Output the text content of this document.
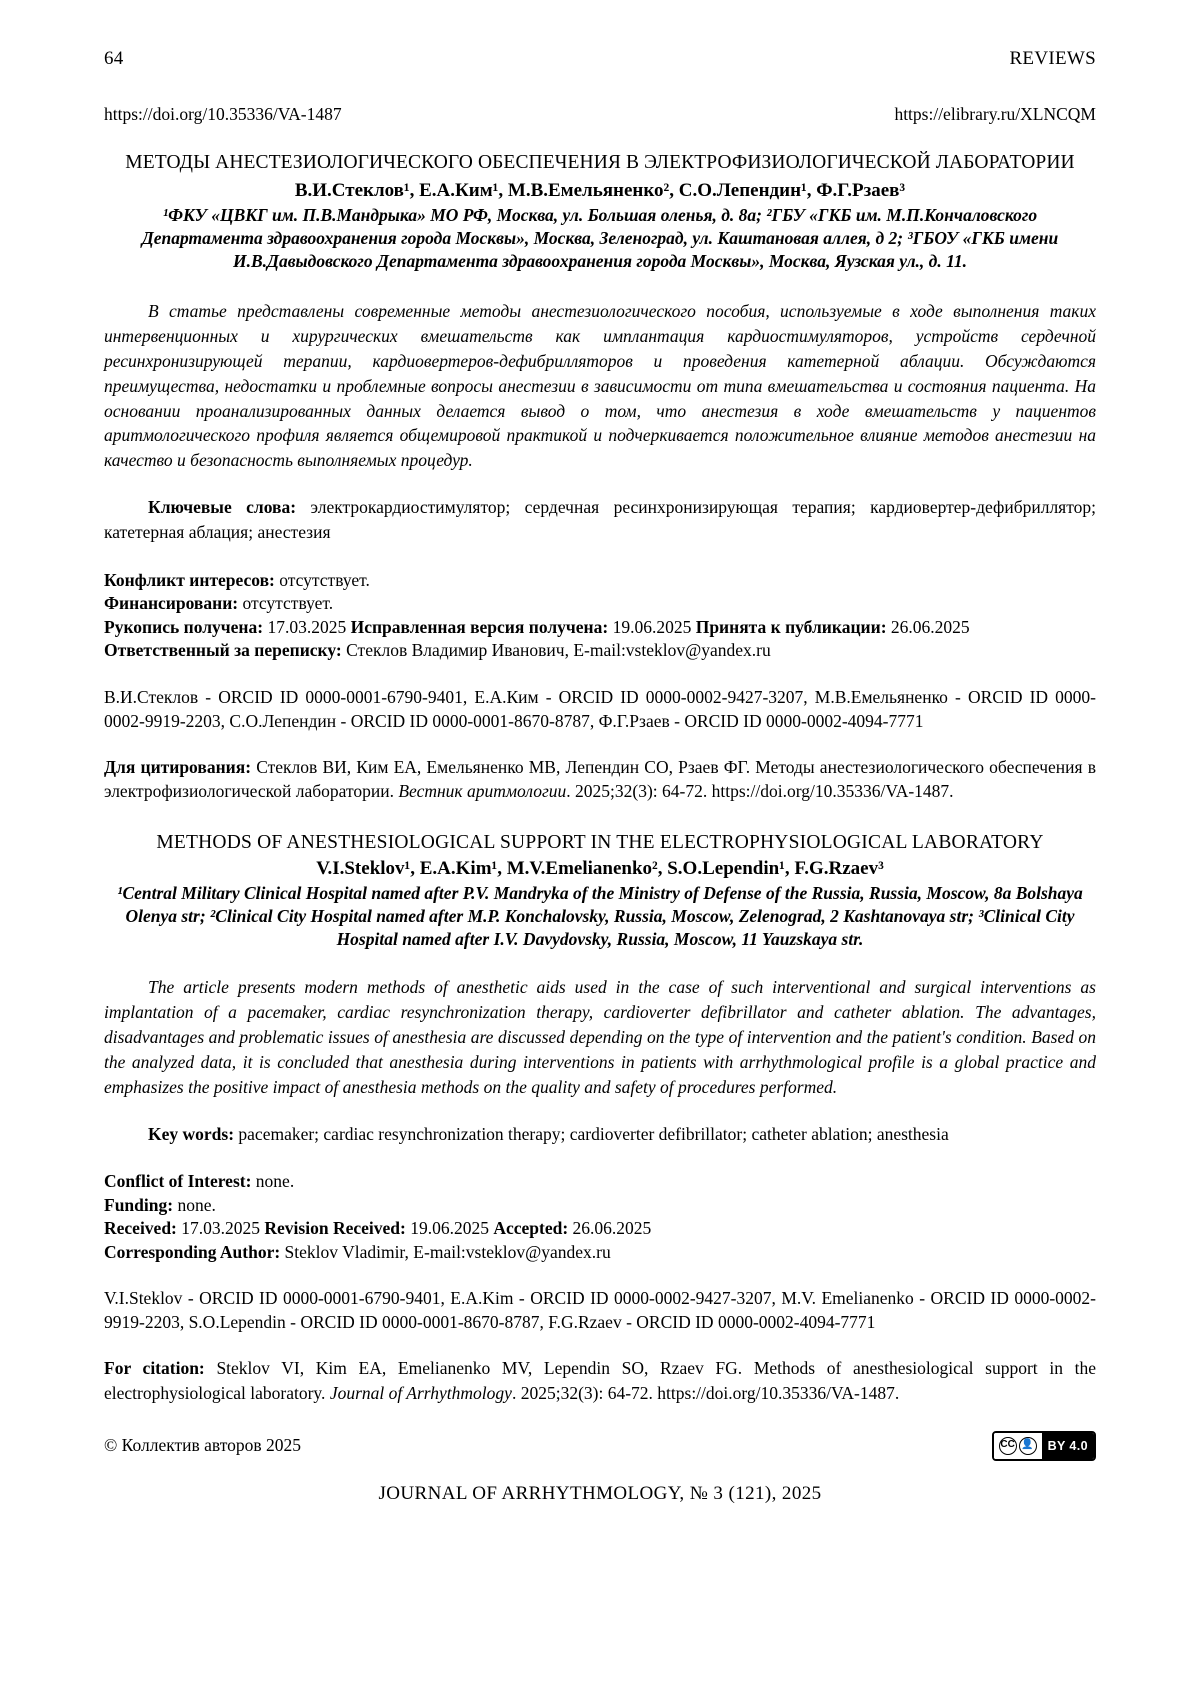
64	REVIEWS
https://doi.org/10.35336/VA-1487	https://elibrary.ru/XLNCQM
МЕТОДЫ АНЕСТЕЗИОЛОГИЧЕСКОГО ОБЕСПЕЧЕНИЯ В ЭЛЕКТРОФИЗИОЛОГИЧЕСКОЙ ЛАБОРАТОРИИ
В.И.Стеклов¹, Е.А.Ким¹, М.В.Емельяненко², С.О.Лепендин¹, Ф.Г.Рзаев³
¹ФКУ «ЦВКГ им. П.В.Мандрыка» МО РФ, Москва, ул. Большая оленья, д. 8а; ²ГБУ «ГКБ им. М.П.Кончаловского Департамента здравоохранения города Москвы», Москва, Зеленоград, ул. Каштановая аллея, д 2; ³ГБОУ «ГКБ имени И.В.Давыдовского Департамента здравоохранения города Москвы», Москва, Яузская ул., д. 11.
В статье представлены современные методы анестезиологического пособия, используемые в ходе выполнения таких интервенционных и хирургических вмешательств как имплантация кардиостимуляторов, устройств сердечной ресинхронизирующей терапии, кардиовертеров-дефибрилляторов и проведения катетерной аблации. Обсуждаются преимущества, недостатки и проблемные вопросы анестезии в зависимости от типа вмешательства и состояния пациента. На основании проанализированных данных делается вывод о том, что анестезия в ходе вмешательств у пациентов аритмологического профиля является общемировой практикой и подчеркивается положительное влияние методов анестезии на качество и безопасность выполняемых процедур.
Ключевые слова: электрокардиостимулятор; сердечная ресинхронизирующая терапия; кардиовертер-дефибриллятор; катетерная аблация; анестезия

Конфликт интересов: отсутствует.

Финансировани: отсутствует.

Рукопись получена: 17.03.2025 Исправленная версия получена: 19.06.2025 Принята к публикации: 26.06.2025

Ответственный за переписку: Стеклов Владимир Иванович, E-mail:vsteklov@yandex.ru

В.И.Стеклов - ORCID ID 0000-0001-6790-9401, Е.А.Ким - ORCID ID 0000-0002-9427-3207, М.В.Емельяненко - ORCID ID 0000-0002-9919-2203, С.О.Лепендин - ORCID ID 0000-0001-8670-8787, Ф.Г.Рзаев - ORCID ID 0000-0002-4094-7771
Для цитирования: Стеклов ВИ, Ким ЕА, Емельяненко МВ, Лепендин СО, Рзаев ФГ. Методы анестезиологического обеспечения в электрофизиологической лаборатории. Вестник аритмологии. 2025;32(3): 64-72. https://doi.org/10.35336/VA-1487.
METHODS OF ANESTHESIOLOGICAL SUPPORT IN THE ELECTROPHYSIOLOGICAL LABORATORY
V.I.Steklov¹, E.A.Kim¹, M.V.Emelianenko², S.O.Lependin¹, F.G.Rzaev³
¹Central Military Clinical Hospital named after P.V. Mandryka of the Ministry of Defense of the Russia, Russia, Moscow, 8a Bolshaya Olenya str; ²Clinical City Hospital named after M.P. Konchalovsky, Russia, Moscow, Zelenograd, 2 Kashtanovaya str; ³Clinical City Hospital named after I.V. Davydovsky, Russia, Moscow, 11 Yauzskaya str.
The article presents modern methods of anesthetic aids used in the case of such interventional and surgical interventions as implantation of a pacemaker, cardiac resynchronization therapy, cardioverter defibrillator and catheter ablation. The advantages, disadvantages and problematic issues of anesthesia are discussed depending on the type of intervention and the patient's condition. Based on the analyzed data, it is concluded that anesthesia during interventions in patients with arrhythmological profile is a global practice and emphasizes the positive impact of anesthesia methods on the quality and safety of procedures performed.
Key words: pacemaker; cardiac resynchronization therapy; cardioverter defibrillator; catheter ablation; anesthesia

Conflict of Interest: none.

Funding: none.

Received: 17.03.2025 Revision Received: 19.06.2025 Accepted: 26.06.2025

Corresponding Author: Steklov Vladimir, E-mail:vsteklov@yandex.ru

V.I.Steklov - ORCID ID 0000-0001-6790-9401, E.A.Kim - ORCID ID 0000-0002-9427-3207, M.V. Emelianenko - ORCID ID 0000-0002-9919-2203, S.O.Lependin - ORCID ID 0000-0001-8670-8787, F.G.Rzaev - ORCID ID 0000-0002-4094-7771
For citation: Steklov VI, Kim EA, Emelianenko MV, Lependin SO, Rzaev FG. Methods of anesthesiological support in the electrophysiological laboratory. Journal of Arrhythmology. 2025;32(3): 64-72. https://doi.org/10.35336/VA-1487.
© Коллектив авторов 2025	CC 👤	BY 4.0
JOURNAL OF ARRHYTHMOLOGY, № 3 (121), 2025
